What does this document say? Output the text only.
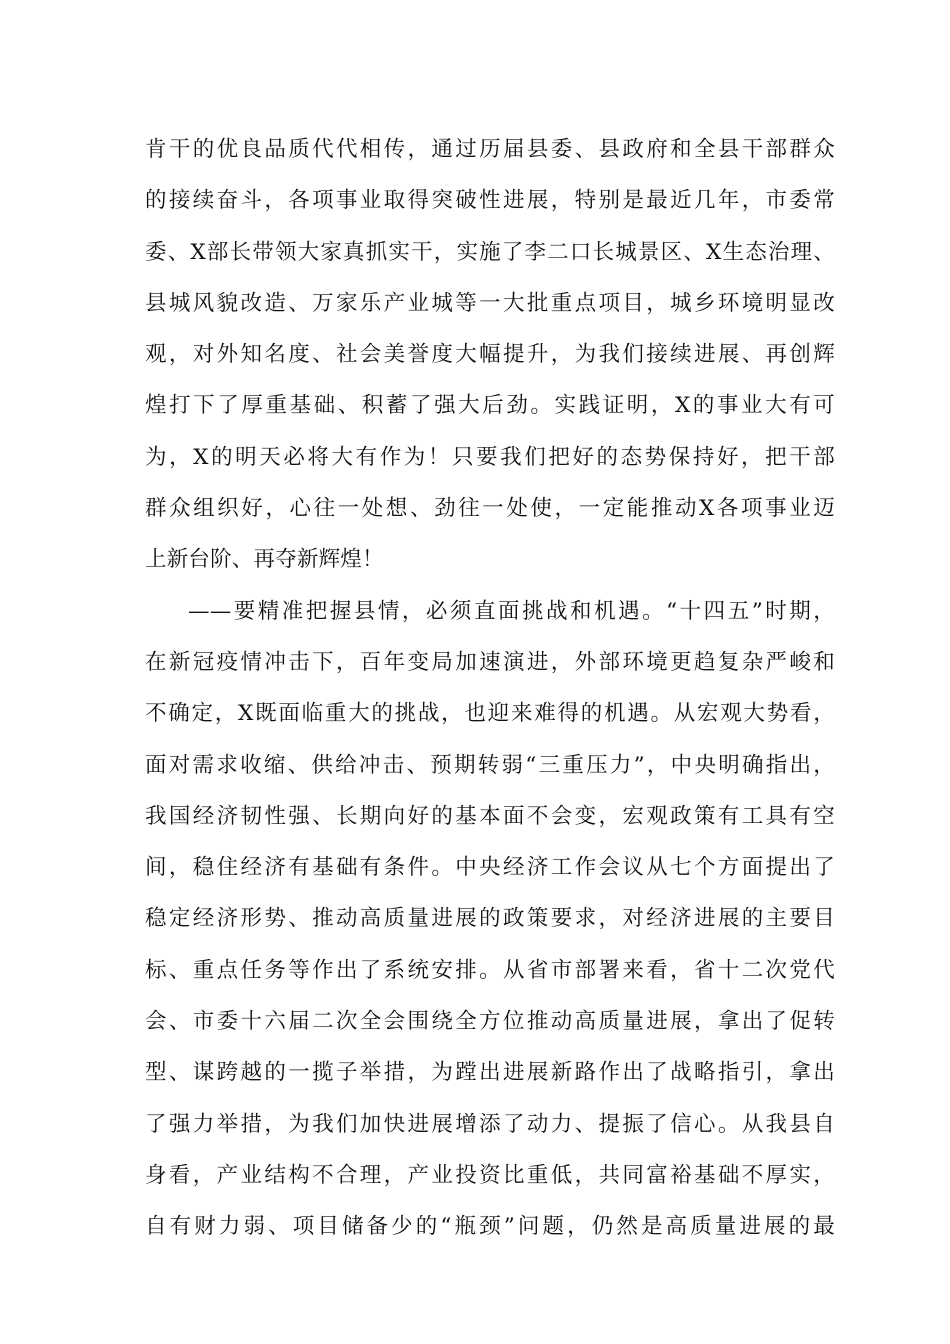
肯干的优良品质代代相传，通过历届县委、县政府和全县干部群众
的接续奋斗，各项事业取得突破性进展，特别是最近几年，市委常
委、X部长带领大家真抓实干，实施了李二口长城景区、X生态治理、
县城风貌改造、万家乐产业城等一大批重点项目，城乡环境明显改
观，对外知名度、社会美誉度大幅提升，为我们接续进展、再创辉
煌打下了厚重基础、积蓄了强大后劲。实践证明，X的事业大有可
为，X的明天必将大有作为！只要我们把好的态势保持好，把干部
群众组织好，心往一处想、劲往一处使，一定能推动X各项事业迈
上新台阶、再夺新辉煌！
——要精准把握县情，必须直面挑战和机遇。“十四五”时期，
在新冠疫情冲击下，百年变局加速演进，外部环境更趋复杂严峻和
不确定，X既面临重大的挑战，也迎来难得的机遇。从宏观大势看，
面对需求收缩、供给冲击、预期转弱“三重压力”，中央明确指出，
我国经济韧性强、长期向好的基本面不会变，宏观政策有工具有空
间，稳住经济有基础有条件。中央经济工作会议从七个方面提出了
稳定经济形势、推动高质量进展的政策要求，对经济进展的主要目
标、重点任务等作出了系统安排。从省市部署来看，省十二次党代
会、市委十六届二次全会围绕全方位推动高质量进展，拿出了促转
型、谋跨越的一揽子举措，为蹚出进展新路作出了战略指引，拿出
了强力举措，为我们加快进展增添了动力、提振了信心。从我县自
身看，产业结构不合理，产业投资比重低，共同富裕基础不厚实，
自有财力弱、项目储备少的“瓶颈”问题，仍然是高质量进展的最
